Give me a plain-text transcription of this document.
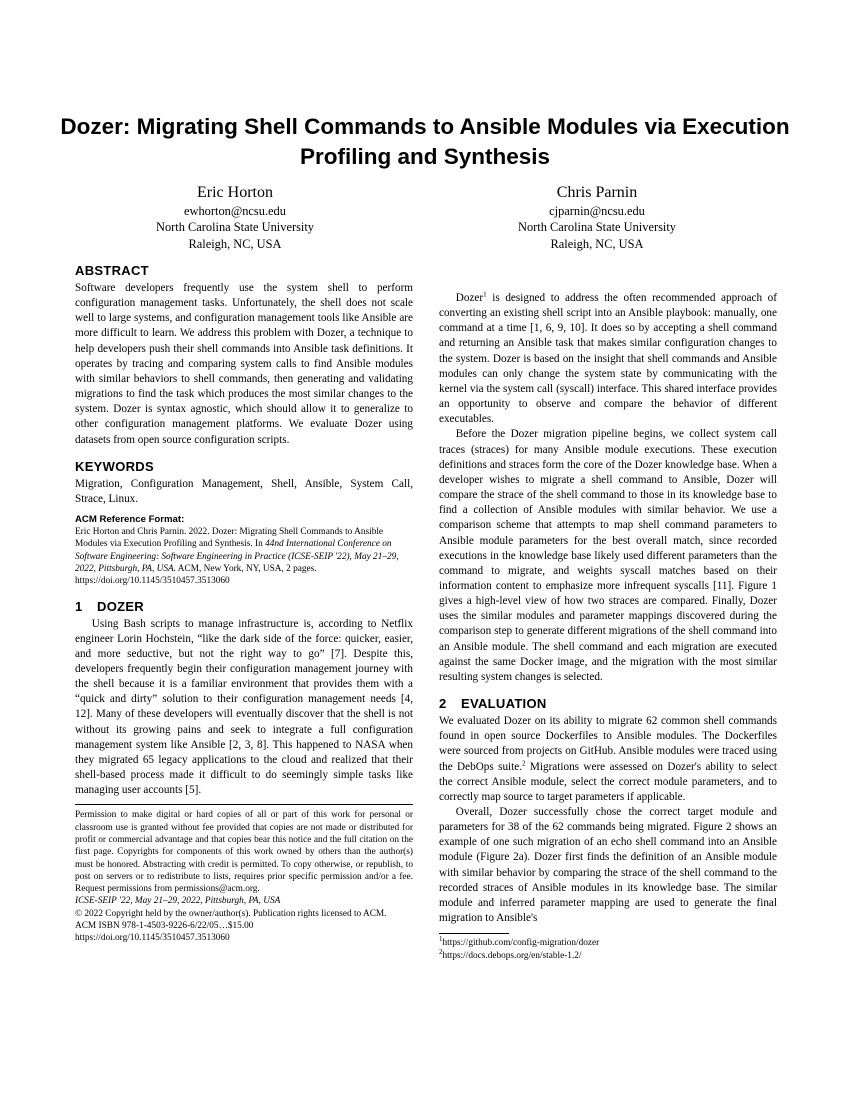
Dozer: Migrating Shell Commands to Ansible Modules via Execution Profiling and Synthesis
Eric Horton
ewhorton@ncsu.edu
North Carolina State University
Raleigh, NC, USA
Chris Parnin
cjparnin@ncsu.edu
North Carolina State University
Raleigh, NC, USA
ABSTRACT

Software developers frequently use the system shell to perform configuration management tasks. Unfortunately, the shell does not scale well to large systems, and configuration management tools like Ansible are more difficult to learn. We address this problem with Dozer, a technique to help developers push their shell commands into Ansible task definitions. It operates by tracing and comparing system calls to find Ansible modules with similar behaviors to shell commands, then generating and validating migrations to find the task which produces the most similar changes to the system. Dozer is syntax agnostic, which should allow it to generalize to other configuration management platforms. We evaluate Dozer using datasets from open source configuration scripts.

KEYWORDS

Migration, Configuration Management, Shell, Ansible, System Call, Strace, Linux.

ACM Reference Format:

Eric Horton and Chris Parnin. 2022. Dozer: Migrating Shell Commands to Ansible Modules via Execution Profiling and Synthesis. In 44nd International Conference on Software Engineering: Software Engineering in Practice (ICSE-SEIP '22), May 21–29, 2022, Pittsburgh, PA, USA. ACM, New York, NY, USA, 2 pages. https://doi.org/10.1145/3510457.3513060

1 DOZER

Using Bash scripts to manage infrastructure is, according to Netflix engineer Lorin Hochstein, “like the dark side of the force: quicker, easier, and more seductive, but not the right way to go” [7]. Despite this, developers frequently begin their configuration management journey with the shell because it is a familiar environment that provides them with a “quick and dirty” solution to their configuration management needs [4, 12]. Many of these developers will eventually discover that the shell is not without its growing pains and seek to integrate a full configuration management system like Ansible [2, 3, 8]. This happened to NASA when they migrated 65 legacy applications to the cloud and realized that their shell-based process made it difficult to do seemingly simple tasks like managing user accounts [5].

Permission to make digital or hard copies of all or part of this work for personal or classroom use is granted without fee provided that copies are not made or distributed for profit or commercial advantage and that copies bear this notice and the full citation on the first page. Copyrights for components of this work owned by others than the author(s) must be honored. Abstracting with credit is permitted. To copy otherwise, or republish, to post on servers or to redistribute to lists, requires prior specific permission and/or a fee. Request permissions from permissions@acm.org.
ICSE-SEIP '22, May 21–29, 2022, Pittsburgh, PA, USA
© 2022 Copyright held by the owner/author(s). Publication rights licensed to ACM.
ACM ISBN 978-1-4503-9226-6/22/05…$15.00
https://doi.org/10.1145/3510457.3513060

Dozer$^1$ is designed to address the often recommended approach of converting an existing shell script into an Ansible playbook: manually, one command at a time [1, 6, 9, 10]. It does so by accepting a shell command and returning an Ansible task that makes similar configuration changes to the system. Dozer is based on the insight that shell commands and Ansible modules can only change the system state by communicating with the kernel via the system call (syscall) interface. This shared interface provides an opportunity to observe and compare the behavior of different executables.

Before the Dozer migration pipeline begins, we collect system call traces (straces) for many Ansible module executions. These execution definitions and straces form the core of the Dozer knowledge base. When a developer wishes to migrate a shell command to Ansible, Dozer will compare the strace of the shell command to those in its knowledge base to find a collection of Ansible modules with similar behavior. We use a comparison scheme that attempts to map shell command parameters to Ansible module parameters for the best overall match, since recorded executions in the knowledge base likely used different parameters than the command to migrate, and weights syscall matches based on their information content to emphasize more infrequent syscalls [11]. Figure 1 gives a high-level view of how two straces are compared. Finally, Dozer uses the similar modules and parameter mappings discovered during the comparison step to generate different migrations of the shell command into an Ansible module. The shell command and each migration are executed against the same Docker image, and the migration with the most similar resulting system changes is selected.

2 EVALUATION

We evaluated Dozer on its ability to migrate 62 common shell commands found in open source Dockerfiles to Ansible modules. The Dockerfiles were sourced from projects on GitHub. Ansible modules were traced using the DebOps suite.$^2$ Migrations were assessed on Dozer's ability to select the correct Ansible module, select the correct module parameters, and to correctly map source to target parameters if applicable.

Overall, Dozer successfully chose the correct target module and parameters for 38 of the 62 commands being migrated. Figure 2 shows an example of one such migration of an echo shell command into an Ansible module (Figure 2a). Dozer first finds the definition of an Ansible module with similar behavior by comparing the strace of the shell command to the recorded straces of Ansible modules in its knowledge base. The similar module and inferred parameter mapping are used to generate the final migration to Ansible's

$^1$https://github.com/config-migration/dozer
$^2$https://docs.debops.org/en/stable-1.2/
